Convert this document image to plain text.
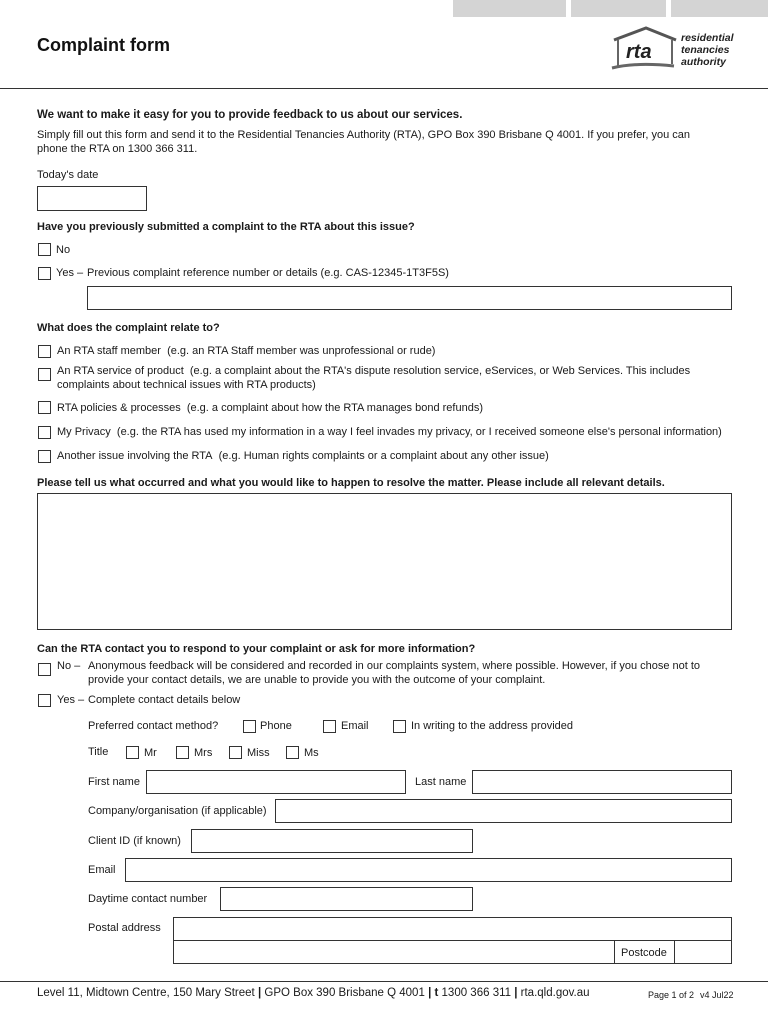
Complaint form	rta
residential
tenancies
authority
We want to make it easy for you to provide feedback to us about our services.
Simply fill out this form and send it to the Residential Tenancies Authority (RTA), GPO Box 390 Brisbane Q 4001. If you prefer, you can phone the RTA on 1300 366 311.
Today's date
Have you previously submitted a complaint to the RTA about this issue?
No
Yes – Previous complaint reference number or details (e.g. CAS-12345-1T3F5S)
What does the complaint relate to?
An RTA staff member (e.g. an RTA Staff member was unprofessional or rude)
An RTA service of product (e.g. a complaint about the RTA's dispute resolution service, eServices, or Web Services. This includes complaints about technical issues with RTA products)
RTA policies & processes (e.g. a complaint about how the RTA manages bond refunds)
My Privacy (e.g. the RTA has used my information in a way I feel invades my privacy, or I received someone else's personal information)
Another issue involving the RTA (e.g. Human rights complaints or a complaint about any other issue)
Please tell us what occurred and what you would like to happen to resolve the matter. Please include all relevant details.
Can the RTA contact you to respond to your complaint or ask for more information?
No – Anonymous feedback will be considered and recorded in our complaints system, where possible. However, if you chose not to provide your contact details, we are unable to provide you with the outcome of your complaint.
Yes – Complete contact details below
Preferred contact method?	Phone	Email	In writing to the address provided
Title	Mr	Mrs	Miss	Ms
First name	Last name
Company/organisation (if applicable)
Client ID (if known)
Email
Daytime contact number
Postal address
Postcode
Level 11, Midtown Centre, 150 Mary Street | GPO Box 390 Brisbane Q 4001 | t 1300 366 311 | rta.qld.gov.au	Page 1 of 2 v4 Jul22
